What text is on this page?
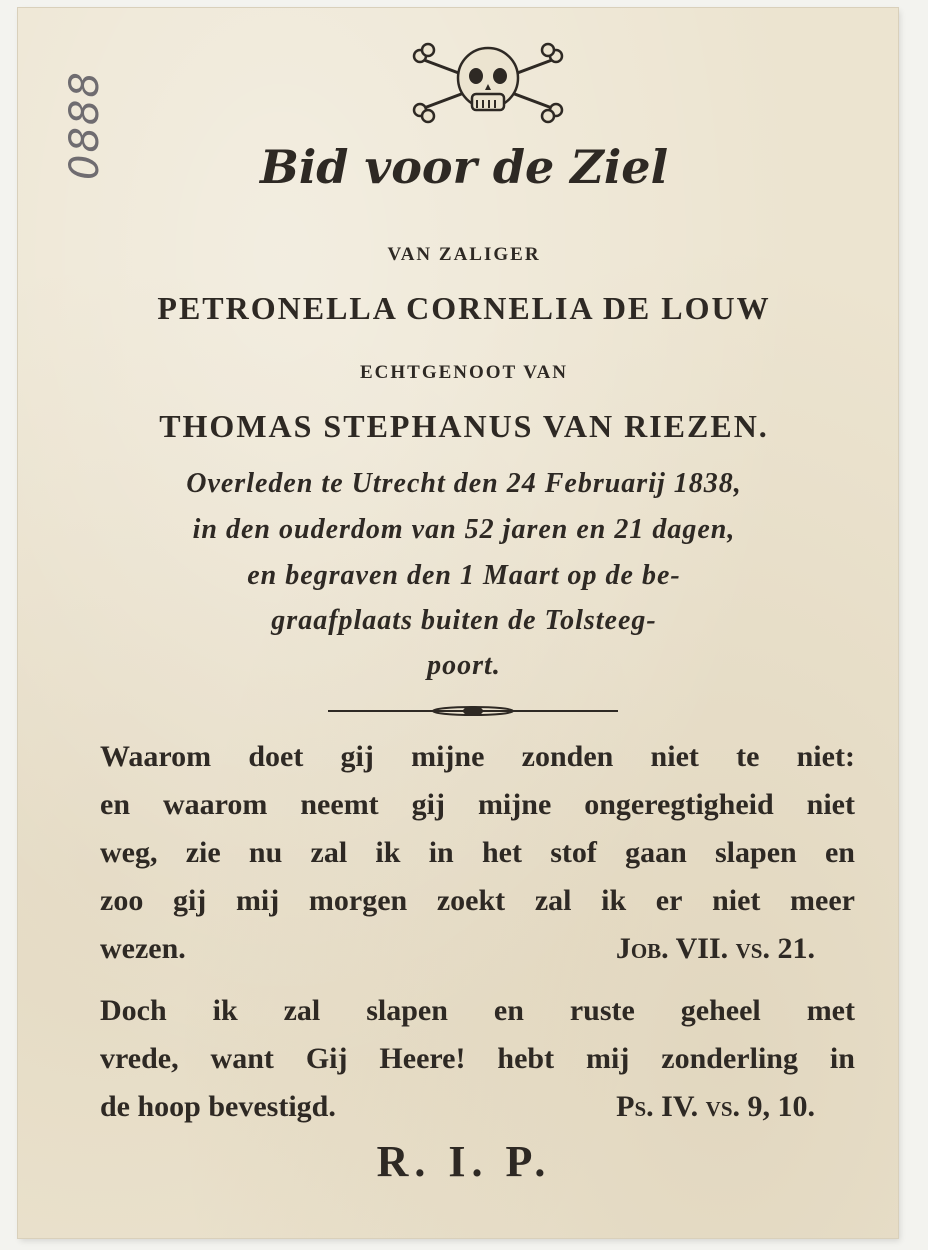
0888	Bid voor de Ziel
VAN ZALIGER
PETRONELLA CORNELIA DE LOUW
ECHTGENOOT VAN
THOMAS STEPHANUS VAN RIEZEN.
Overleden te Utrecht den 24 Februarij 1838,
in den ouderdom van 52 jaren en 21 dagen,
en begraven den 1 Maart op de be-
graafplaats buiten de Tolsteeg-
poort.
Waarom doet gij mijne zonden niet te niet:
en waarom neemt gij mijne ongeregtigheid niet
weg, zie nu zal ik in het stof gaan slapen en
zoo gij mij morgen zoekt zal ik er niet meer
wezen.	Job. VII. vs. 21.
Doch ik zal slapen en ruste geheel met
vrede, want Gij Heere! hebt mij zonderling in
de hoop bevestigd.	Ps. IV. vs. 9, 10.
R. I. P.
